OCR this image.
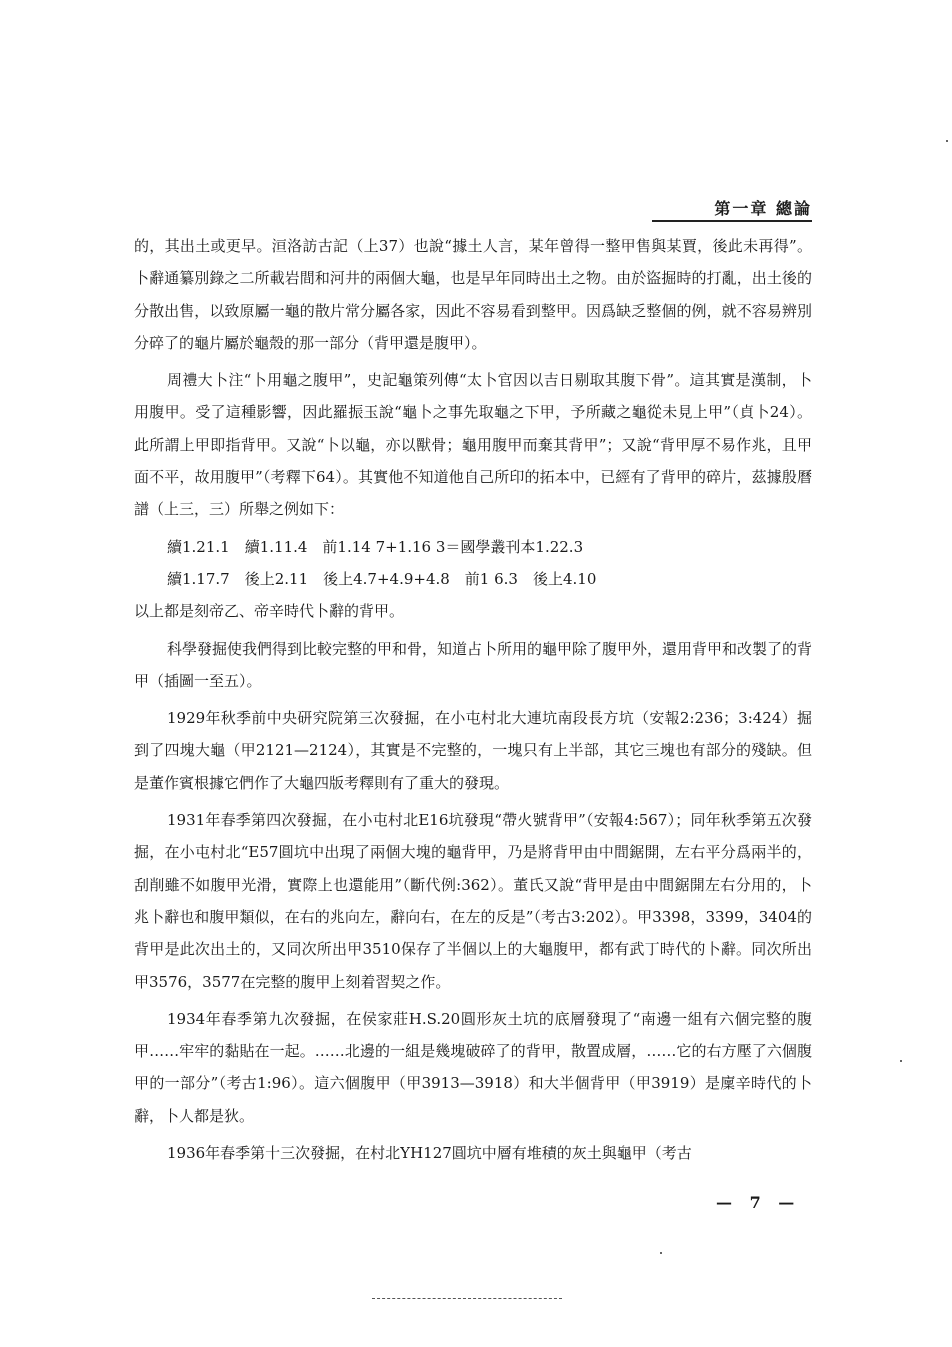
第一章 總論

的，其出土或更早。洹洛訪古記（上37）也說“據土人言，某年曾得一整甲售與某賈，後此未再得”。卜辭通纂別錄之二所載岩間和河井的兩個大龜，也是早年同時出土之物。由於盜掘時的打亂，出土後的分散出售，以致原屬一龜的散片常分屬各家，因此不容易看到整甲。因爲缺乏整個的例，就不容易辨別分碎了的龜片屬於龜殼的那一部分（背甲還是腹甲）。

周禮大卜注“卜用龜之腹甲”，史記龜策列傳“太卜官因以吉日剔取其腹下骨”。這其實是漢制，卜用腹甲。受了這種影響，因此羅振玉說“龜卜之事先取龜之下甲，予所藏之龜從未見上甲”（貞卜24）。此所謂上甲即指背甲。又說“卜以龜，亦以獸骨；龜用腹甲而棄其背甲”；又說“背甲厚不易作兆，且甲面不平，故用腹甲”（考釋下64）。其實他不知道他自己所印的拓本中，已經有了背甲的碎片，茲據殷曆譜（上三，三）所舉之例如下：

續1.21.1　續1.11.4　前1.14 7+1.16 3＝國學叢刊本1.22.3

續1.17.7　後上2.11　後上4.7+4.9+4.8　前1 6.3　後上4.10

以上都是刻帝乙、帝辛時代卜辭的背甲。

科學發掘使我們得到比較完整的甲和骨，知道占卜所用的龜甲除了腹甲外，還用背甲和改製了的背甲（插圖一至五）。

1929年秋季前中央研究院第三次發掘，在小屯村北大連坑南段長方坑（安報2:236；3:424）掘到了四塊大龜（甲2121—2124），其實是不完整的，一塊只有上半部，其它三塊也有部分的殘缺。但是董作賓根據它們作了大龜四版考釋則有了重大的發現。

1931年春季第四次發掘，在小屯村北E16坑發現“帶火號背甲”（安報4:567）；同年秋季第五次發掘，在小屯村北“E57圓坑中出現了兩個大塊的龜背甲，乃是將背甲由中間鋸開，左右平分爲兩半的，刮削雖不如腹甲光滑，實際上也還能用”（斷代例:362）。董氏又說“背甲是由中間鋸開左右分用的，卜兆卜辭也和腹甲類似，在右的兆向左，辭向右，在左的反是”（考古3:202）。甲3398，3399，3404的背甲是此次出土的，又同次所出甲3510保存了半個以上的大龜腹甲，都有武丁時代的卜辭。同次所出甲3576，3577在完整的腹甲上刻着習契之作。

1934年春季第九次發掘，在侯家莊H.S.20圓形灰土坑的底層發現了“南邊一組有六個完整的腹甲……牢牢的黏貼在一起。……北邊的一組是幾塊破碎了的背甲，散置成層，……它的右方壓了六個腹甲的一部分”（考古1:96）。這六個腹甲（甲3913—3918）和大半個背甲（甲3919）是廩辛時代的卜辭，卜人都是狄。

1936年春季第十三次發掘，在村北YH127圓坑中層有堆積的灰土與龜甲（考古

— 7 —
